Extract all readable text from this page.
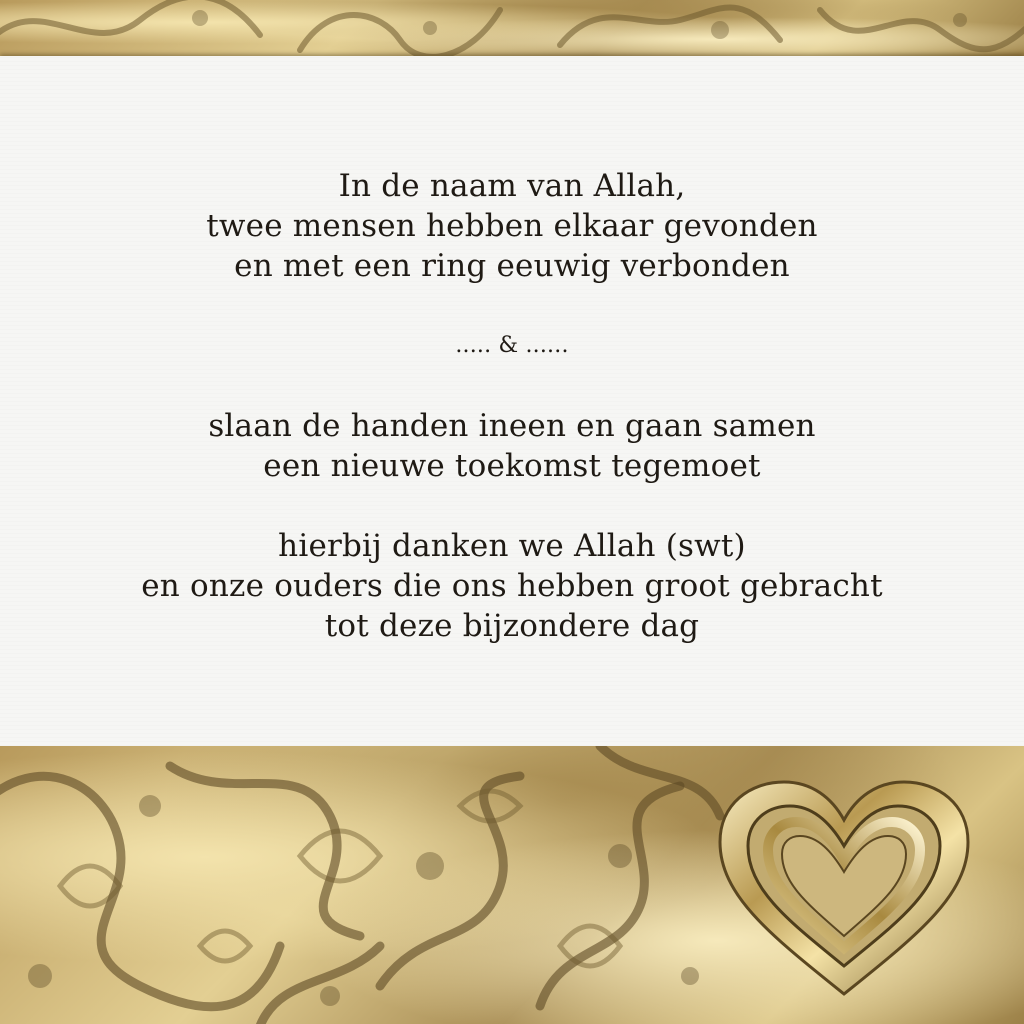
In de naam van Allah,
twee mensen hebben elkaar gevonden
en met een ring eeuwig verbonden
..... & ......
slaan de handen ineen en gaan samen
een nieuwe toekomst tegemoet
hierbij danken we Allah (swt)
en onze ouders die ons hebben groot gebracht
tot deze bijzondere dag
